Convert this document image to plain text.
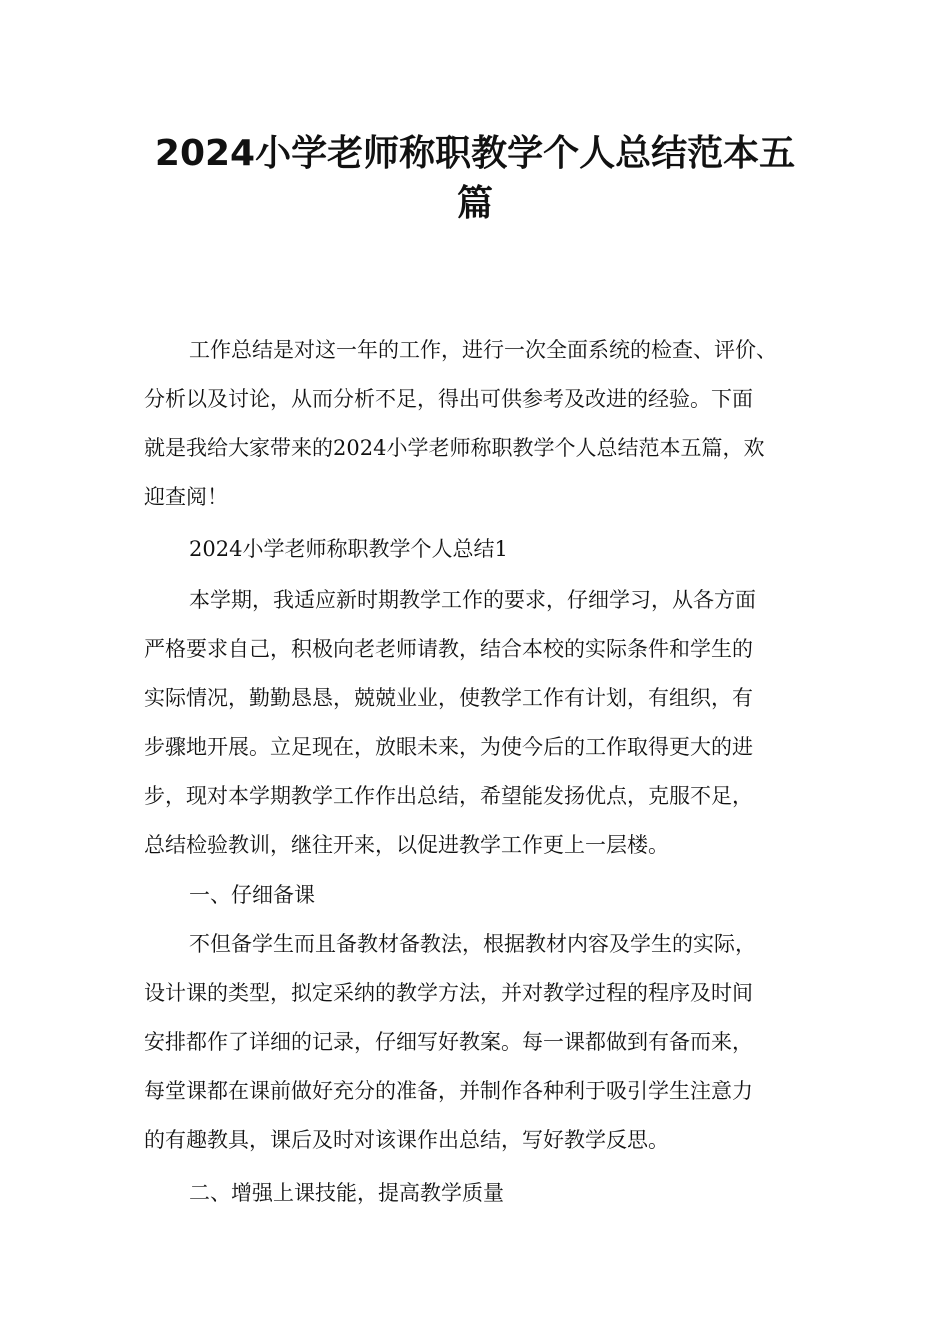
2024小学老师称职教学个人总结范本五
篇

工作总结是对这一年的工作，进行一次全面系统的检查、评价、

分析以及讨论，从而分析不足，得出可供参考及改进的经验。下面

就是我给大家带来的2024小学老师称职教学个人总结范本五篇，欢

迎查阅！

2024小学老师称职教学个人总结1

本学期，我适应新时期教学工作的要求，仔细学习，从各方面

严格要求自己，积极向老老师请教，结合本校的实际条件和学生的

实际情况，勤勤恳恳，兢兢业业，使教学工作有计划，有组织，有

步骤地开展。立足现在，放眼未来，为使今后的工作取得更大的进

步，现对本学期教学工作作出总结，希望能发扬优点，克服不足，

总结检验教训，继往开来，以促进教学工作更上一层楼。

一、仔细备课

不但备学生而且备教材备教法，根据教材内容及学生的实际，

设计课的类型，拟定采纳的教学方法，并对教学过程的程序及时间

安排都作了详细的记录，仔细写好教案。每一课都做到有备而来，

每堂课都在课前做好充分的准备，并制作各种利于吸引学生注意力

的有趣教具，课后及时对该课作出总结，写好教学反思。

二、增强上课技能，提高教学质量
